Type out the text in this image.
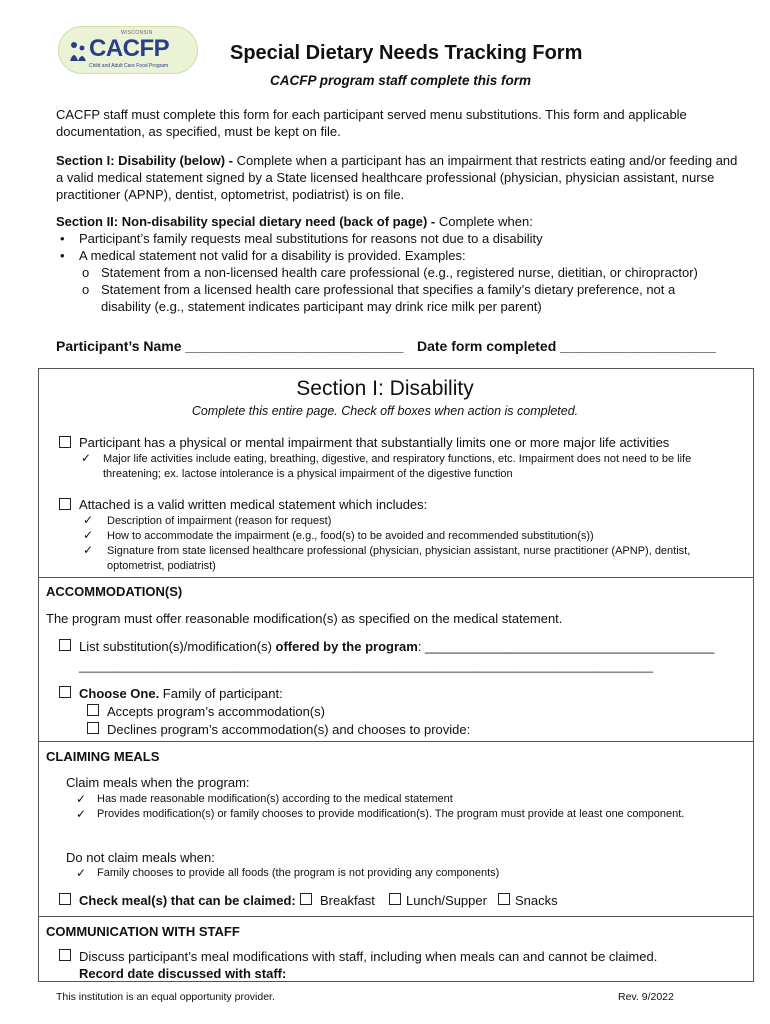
WISCONSIN
CACFP
Child and Adult Care Food Program
Special Dietary Needs Tracking Form
CACFP program staff complete this form
CACFP staff must complete this form for each participant served menu substitutions. This form and applicable documentation, as specified, must be kept on file.
Section I: Disability (below) - Complete when a participant has an impairment that restricts eating and/or feeding and a valid medical statement signed by a State licensed healthcare professional (physician, physician assistant, nurse practitioner (APNP), dentist, optometrist, podiatrist) is on file.
Section II: Non-disability special dietary need (back of page) - Complete when:
• Participant’s family requests meal substitutions for reasons not due to a disability
• A medical statement not valid for a disability is provided. Examples:
o Statement from a non-licensed health care professional (e.g., registered nurse, dietitian, or chiropractor)
o Statement from a licensed health care professional that specifies a family’s dietary preference, not a disability (e.g., statement indicates participant may drink rice milk per parent)
Participant’s Name ____________________________ Date form completed ____________________
Section I: Disability
Complete this entire page. Check off boxes when action is completed.
Participant has a physical or mental impairment that substantially limits one or more major life activities
✓ Major life activities include eating, breathing, digestive, and respiratory functions, etc. Impairment does not need to be life threatening; ex. lactose intolerance is a physical impairment of the digestive function
Attached is a valid written medical statement which includes:
✓ Description of impairment (reason for request)
✓ How to accommodate the impairment (e.g., food(s) to be avoided and recommended substitution(s))
✓ Signature from state licensed healthcare professional (physician, physician assistant, nurse practitioner (APNP), dentist, optometrist, podiatrist)
ACCOMMODATION(S)
The program must offer reasonable modification(s) as specified on the medical statement.
List substitution(s)/modification(s) offered by the program: ________________________________________
______________________________________________________________________________________
Choose One. Family of participant:
Accepts program’s accommodation(s)
Declines program’s accommodation(s) and chooses to provide:
CLAIMING MEALS
Claim meals when the program:
✓ Has made reasonable modification(s) according to the medical statement
✓ Provides modification(s) or family chooses to provide modification(s). The program must provide at least one component.
Do not claim meals when:
✓ Family chooses to provide all foods (the program is not providing any components)
Check meal(s) that can be claimed: Breakfast Lunch/Supper Snacks
COMMUNICATION WITH STAFF
Discuss participant’s meal modifications with staff, including when meals can and cannot be claimed.
Record date discussed with staff:
This institution is an equal opportunity provider.	Rev. 9/2022
